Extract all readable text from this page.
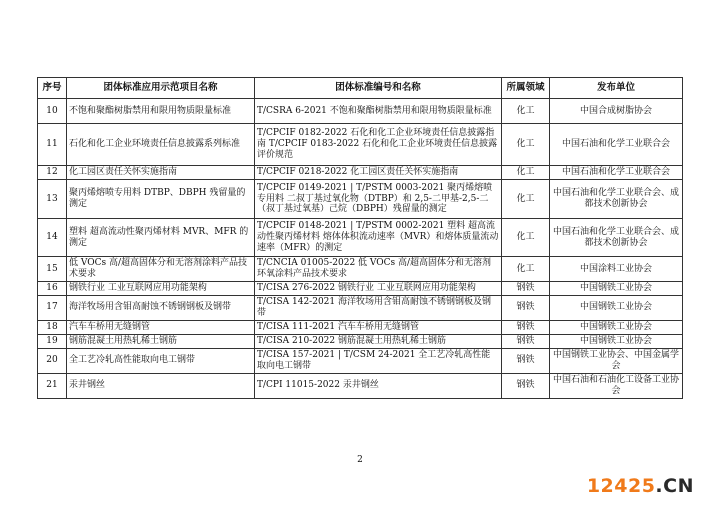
序号	团体标准应用示范项目名称	团体标准编号和名称	所属领域	发布单位
10	不饱和聚酯树脂禁用和限用物质限量标准	T/CSRA 6-2021 不饱和聚酯树脂禁用和限用物质限量标准	化工	中国合成树脂协会
11	石化和化工企业环境责任信息披露系列标准	T/CPCIF 0182-2022 石化和化工企业环境责任信息披露指南 T/CPCIF 0183-2022 石化和化工企业环境责任信息披露评价规范	化工	中国石油和化学工业联合会
12	化工园区责任关怀实施指南	T/CPCIF 0218-2022 化工园区责任关怀实施指南	化工	中国石油和化学工业联合会
13	聚丙烯熔喷专用料 DTBP、DBPH 残留量的测定	T/CPCIF 0149-2021 | T/PSTM 0003-2021 聚丙烯熔喷专用料 二叔丁基过氧化物（DTBP）和 2,5-二甲基-2,5-二（叔丁基过氧基）己烷（DBPH）残留量的测定	化工	中国石油和化学工业联合会、成都技术创新协会
14	塑料 超高流动性聚丙烯材料 MVR、MFR 的测定	T/CPCIF 0148-2021 | T/PSTM 0002-2021 塑料 超高流动性聚丙烯材料 熔体体积流动速率（MVR）和熔体质量流动速率（MFR）的测定	化工	中国石油和化学工业联合会、成都技术创新协会
15	低 VOCs 高/超高固体分和无溶剂涂料产品技术要求	T/CNCIA 01005-2022 低 VOCs 高/超高固体分和无溶剂环氧涂料产品技术要求	化工	中国涂料工业协会
16	钢铁行业 工业互联网应用功能架构	T/CISA 276-2022 钢铁行业 工业互联网应用功能架构	钢铁	中国钢铁工业协会
17	海洋牧场用含钼高耐蚀不锈钢钢板及钢带	T/CISA 142-2021 海洋牧场用含钼高耐蚀不锈钢钢板及钢带	钢铁	中国钢铁工业协会
18	汽车车桥用无缝钢管	T/CISA 111-2021 汽车车桥用无缝钢管	钢铁	中国钢铁工业协会
19	钢筋混凝土用热轧稀土钢筋	T/CISA 210-2022 钢筋混凝土用热轧稀土钢筋	钢铁	中国钢铁工业协会
20	全工艺冷轧高性能取向电工钢带	T/CISA 157-2021 | T/CSM 24-2021 全工艺冷轧高性能取向电工钢带	钢铁	中国钢铁工业协会、中国金属学会
21	汞井钢丝	T/CPI 11015-2022 汞井钢丝	钢铁	中国石油和石油化工设备工业协会
2
12425.CN
